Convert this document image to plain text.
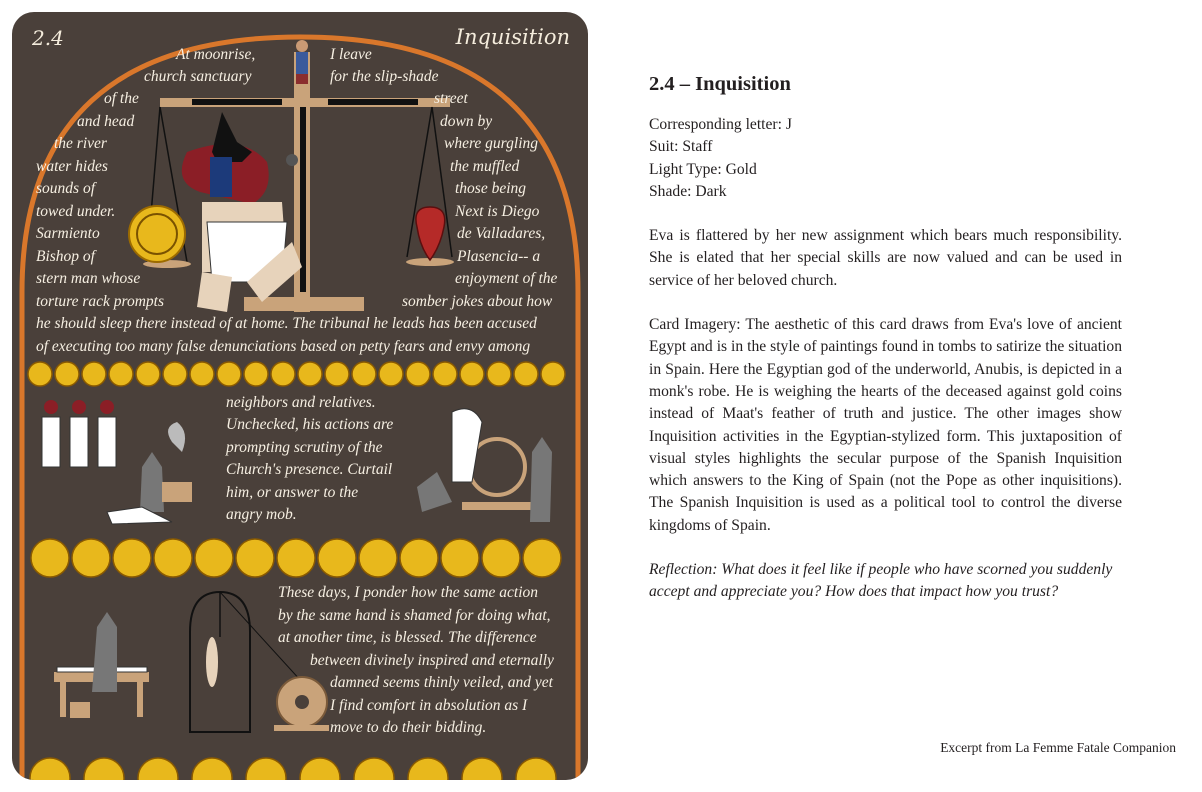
2.4	Inquisition
At moonrise,	I leave
church sanctuary	for the slip-shade
of the	street
and head	down by
the river	where gurgling
water hides	the muffled
sounds of	those being
towed under.	Next is Diego
Sarmiento	de Valladares,
Bishop of	Plasencia-- a
stern man whose	enjoyment of the
torture rack prompts	somber jokes about how
he should sleep there instead of at home. The tribunal he leads has been accused
of executing too many false denunciations based on petty fears and envy among
neighbors and relatives.
Unchecked, his actions are
prompting scrutiny of the
Church's presence. Curtail
him, or answer to the
angry mob.
These days, I ponder how the same action
by the same hand is shamed for doing what,
at another time, is blessed. The difference
between divinely inspired and eternally
damned seems thinly veiled, and yet
I find comfort in absolution as I
move to do their bidding.
2.4 – Inquisition

Corresponding letter: J
Suit: Staff
Light Type: Gold
Shade: Dark

Eva is flattered by her new assignment which bears much responsibility. She is elated that her special skills are now valued and can be used in service of her beloved church.

Card Imagery: The aesthetic of this card draws from Eva's love of ancient Egypt and is in the style of paintings found in tombs to satirize the situation in Spain. Here the Egyptian god of the underworld, Anubis, is depicted in a monk's robe. He is weighing the hearts of the deceased against gold coins instead of Maat's feather of truth and justice. The other images show Inquisition activities in the Egyptian-stylized form. This juxtaposition of visual styles highlights the secular purpose of the Spanish Inquisition which answers to the King of Spain (not the Pope as other inquisitions). The Spanish Inquisition is used as a political tool to control the diverse kingdoms of Spain.

Reflection: What does it feel like if people who have scorned you suddenly accept and appreciate you? How does that impact how you trust?

Excerpt from La Femme Fatale Companion
